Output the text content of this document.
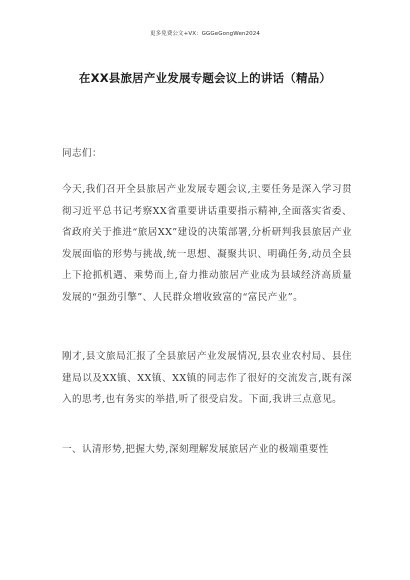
更多免费公文+VX：GGGeGongWen2024
在XX县旅居产业发展专题会议上的讲话（精品）
同志们：
今天,我们召开全县旅居产业发展专题会议,主要任务是深入学习贯彻习近平总书记考察XX省重要讲话重要指示精神,全面落实省委、省政府关于推进“旅居XX”建设的决策部署,分析研判我县旅居产业发展面临的形势与挑战,统一思想、凝聚共识、明确任务,动员全县上下抢抓机遇、乘势而上,奋力推动旅居产业成为县域经济高质量发展的“强劲引擎”、人民群众增收致富的“富民产业”。
刚才,县文旅局汇报了全县旅居产业发展情况,县农业农村局、县住建局以及XX镇、XX镇、XX镇的同志作了很好的交流发言,既有深入的思考,也有务实的举措,听了很受启发。下面,我讲三点意见。
一、认清形势,把握大势,深刻理解发展旅居产业的极端重要性
